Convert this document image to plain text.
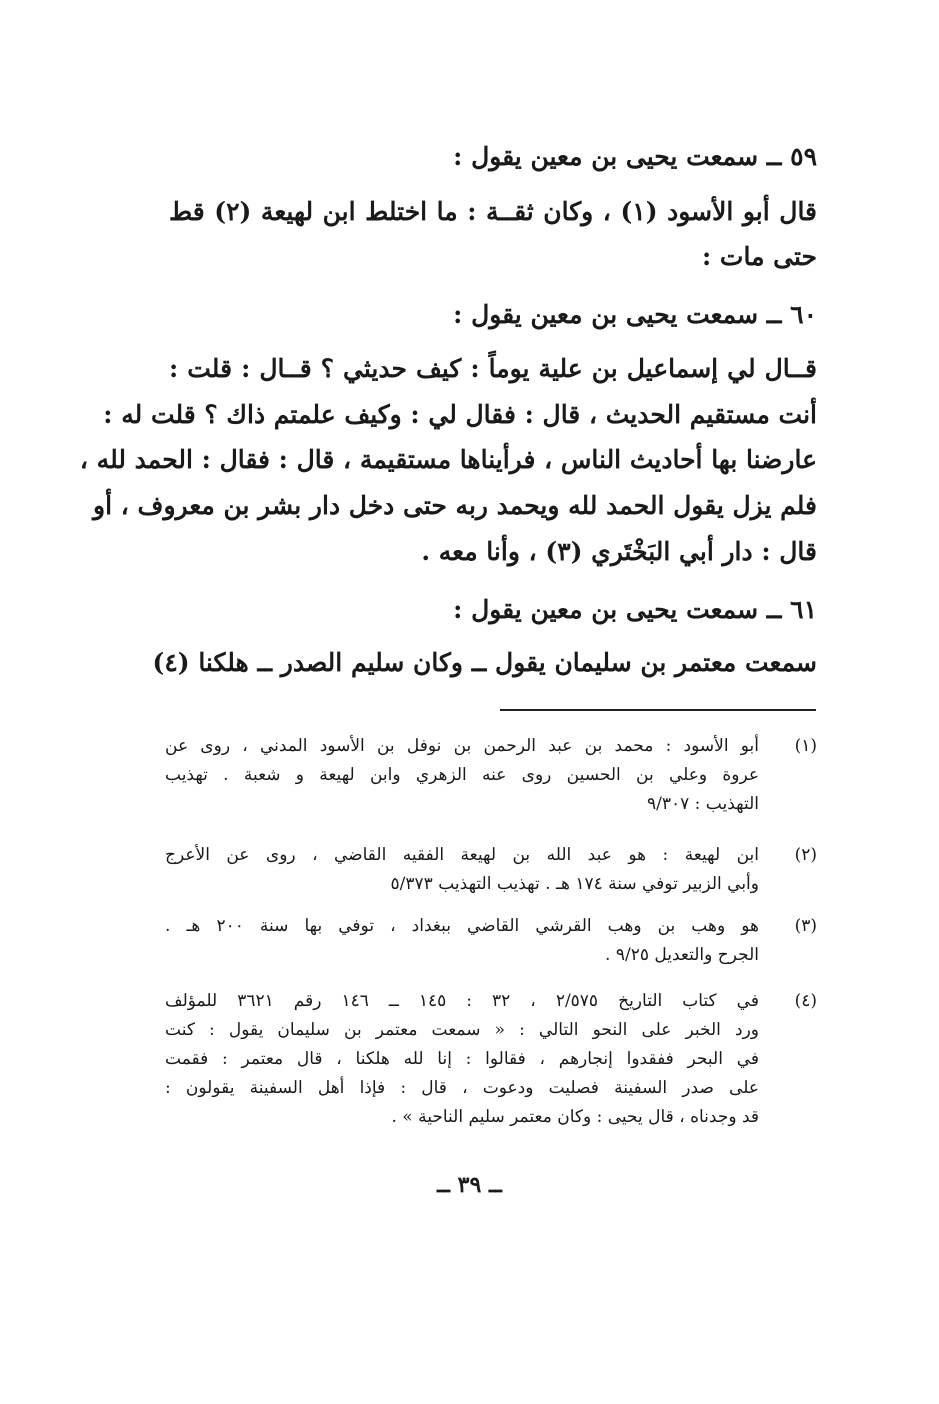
٥٩ ــ سمعت يحيى بن معين يقول :
قال أبو الأسود (١) ، وكان ثقــة : ما اختلط ابن لهيعة (٢) قط
حتى مات :
٦٠ ــ سمعت يحيى بن معين يقول :
قــال لي إسماعيل بن علية يوماً : كيف حديثي ؟ قــال : قلت :
أنت مستقيم الحديث ، قال : فقال لي : وكيف علمتم ذاك ؟ قلت له :
عارضنا بها أحاديث الناس ، فرأيناها مستقيمة ، قال : فقال : الحمد لله ،
فلم يزل يقول الحمد لله ويحمد ربه حتى دخل دار بشر بن معروف ، أو
قال : دار أبي البَخْتَري (٣) ، وأنا معه .
٦١ ــ سمعت يحيى بن معين يقول :
سمعت معتمر بن سليمان يقول ــ وكان سليم الصدر ــ هلكنا (٤)
(١)
أبو الأسود : محمد بن عبد الرحمن بن نوفل بن الأسود المدني ، روى عن
عروة وعلي بن الحسين روى عنه الزهري وابن لهيعة و شعبة . تهذيب
التهذيب : ٩/٣٠٧
(٢)
ابن لهيعة : هو عبد الله بن لهيعة الفقيه القاضي ، روى عن الأعرج
وأبي الزبير توفي سنة ١٧٤ هـ . تهذيب التهذيب ٥/٣٧٣
(٣)
هو وهب بن وهب القرشي القاضي ببغداد ، توفي بها سنة ٢٠٠ هـ .
الجرح والتعديل ٩/٢٥ .
(٤)
في كتاب التاريخ ٢/٥٧٥ ، ٣٢ : ١٤٥ ــ ١٤٦ رقم ٣٦٢١ للمؤلف
ورد الخبر على النحو التالي : « سمعت معتمر بن سليمان يقول : كنت
في البحر ففقدوا إنجارهم ، فقالوا : إنا لله هلكنا ، قال معتمر : فقمت
على صدر السفينة فصليت ودعوت ، قال : فإذا أهل السفينة يقولون :
قد وجدناه ، قال يحيى : وكان معتمر سليم الناحية » .
ــ ٣٩ ــ
